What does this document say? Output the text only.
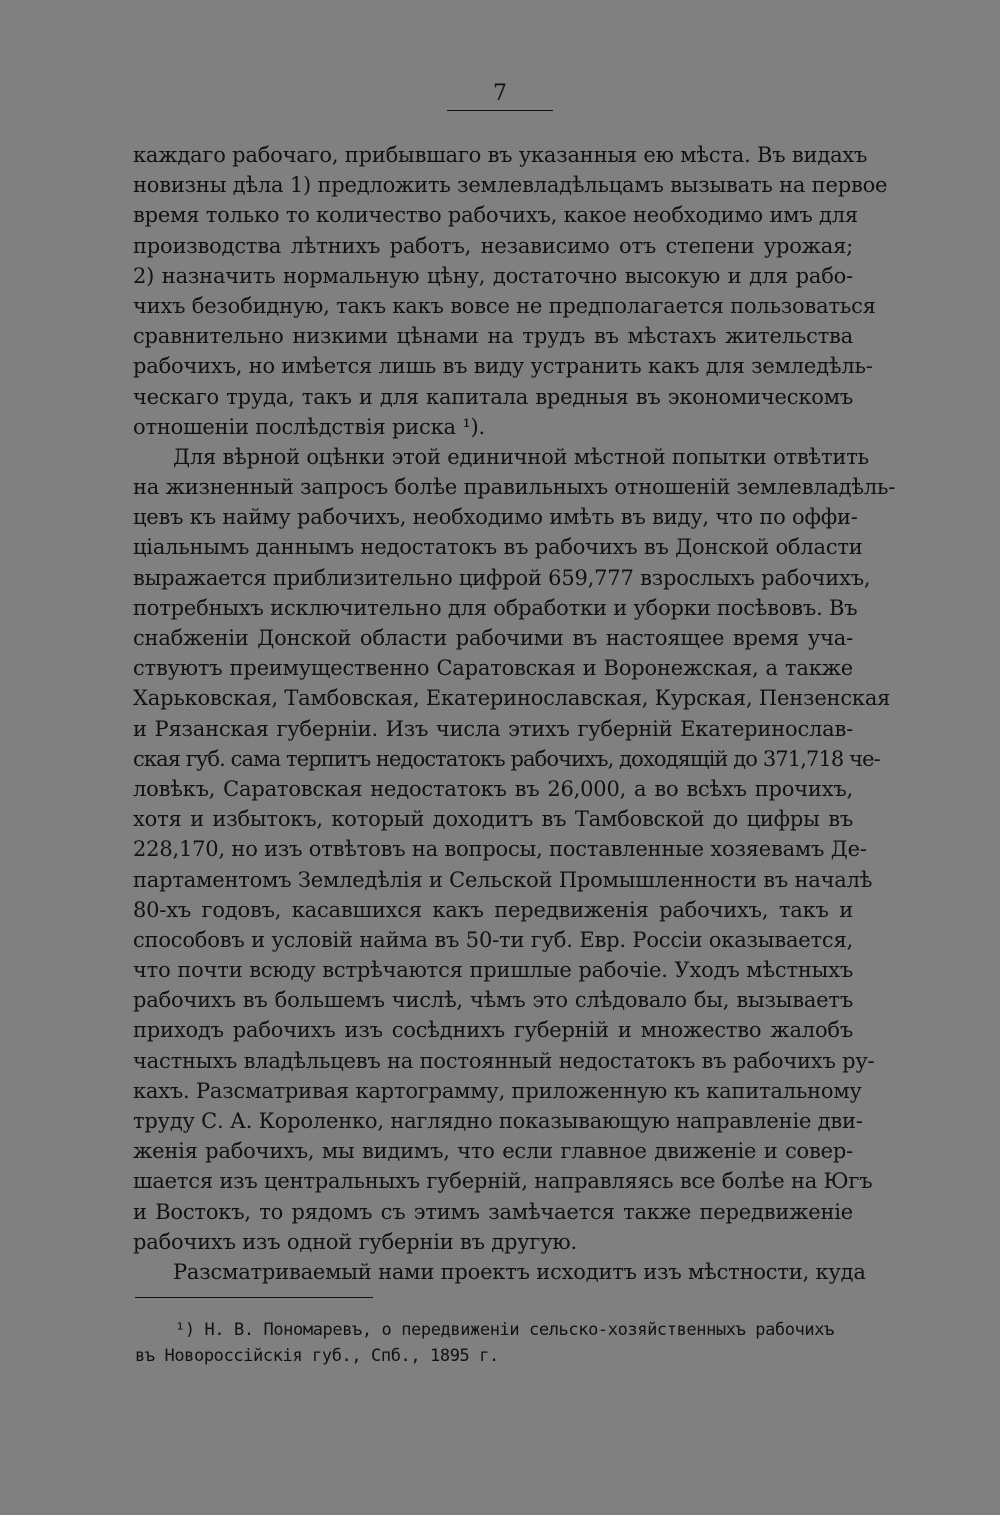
7
каждаго рабочаго, прибывшаго въ указанныя ею мѣста. Въ видахъ
новизны дѣла 1) предложить землевладѣльцамъ вызывать на первое
время только то количество рабочихъ, какое необходимо имъ для
производства лѣтнихъ работъ, независимо отъ степени урожая;
2) назначить нормальную цѣну, достаточно высокую и для рабо-
чихъ безобидную, такъ какъ вовсе не предполагается пользоваться
сравнительно низкими цѣнами на трудъ въ мѣстахъ жительства
рабочихъ, но имѣется лишь въ виду устранить какъ для земледѣль-
ческаго труда, такъ и для капитала вредныя въ экономическомъ
отношеніи послѣдствія риска ¹).
Для вѣрной оцѣнки этой единичной мѣстной попытки отвѣтить
на жизненный запросъ болѣе правильныхъ отношеній землевладѣль-
цевъ къ найму рабочихъ, необходимо имѣть въ виду, что по оффи-
ціальнымъ даннымъ недостатокъ въ рабочихъ въ Донской области
выражается приблизительно цифрой 659,777 взрослыхъ рабочихъ,
потребныхъ исключительно для обработки и уборки посѣвовъ. Въ
снабженіи Донской области рабочими въ настоящее время уча-
ствуютъ преимущественно Саратовская и Воронежская, а также
Харьковская, Тамбовская, Екатеринославская, Курская, Пензенская
и Рязанская губерніи. Изъ числа этихъ губерній Екатеринослав-
ская губ. сама терпитъ недостатокъ рабочихъ, доходящій до 371,718 че-
ловѣкъ, Саратовская недостатокъ въ 26,000, а во всѣхъ прочихъ,
хотя и избытокъ, который доходитъ въ Тамбовской до цифры въ
228,170, но изъ отвѣтовъ на вопросы, поставленные хозяевамъ Де-
партаментомъ Земледѣлія и Сельской Промышленности въ началѣ
80-хъ годовъ, касавшихся какъ передвиженія рабочихъ, такъ и
способовъ и условій найма въ 50-ти губ. Евр. Россіи оказывается,
что почти всюду встрѣчаются пришлые рабочіе. Уходъ мѣстныхъ
рабочихъ въ большемъ числѣ, чѣмъ это слѣдовало бы, вызываетъ
приходъ рабочихъ изъ сосѣднихъ губерній и множество жалобъ
частныхъ владѣльцевъ на постоянный недостатокъ въ рабочихъ ру-
кахъ. Разсматривая картограмму, приложенную къ капитальному
труду С. А. Короленко, наглядно показывающую направленіе дви-
женія рабочихъ, мы видимъ, что если главное движеніе и совер-
шается изъ центральныхъ губерній, направляясь все болѣе на Югъ
и Востокъ, то рядомъ съ этимъ замѣчается также передвиженіе
рабочихъ изъ одной губерніи въ другую.
Разсматриваемый нами проектъ исходитъ изъ мѣстности, куда
¹) Н. В. Пономаревъ, о передвиженіи сельско-хозяйственныхъ рабочихъ
въ Новороссійскія губ., Спб., 1895 г.
